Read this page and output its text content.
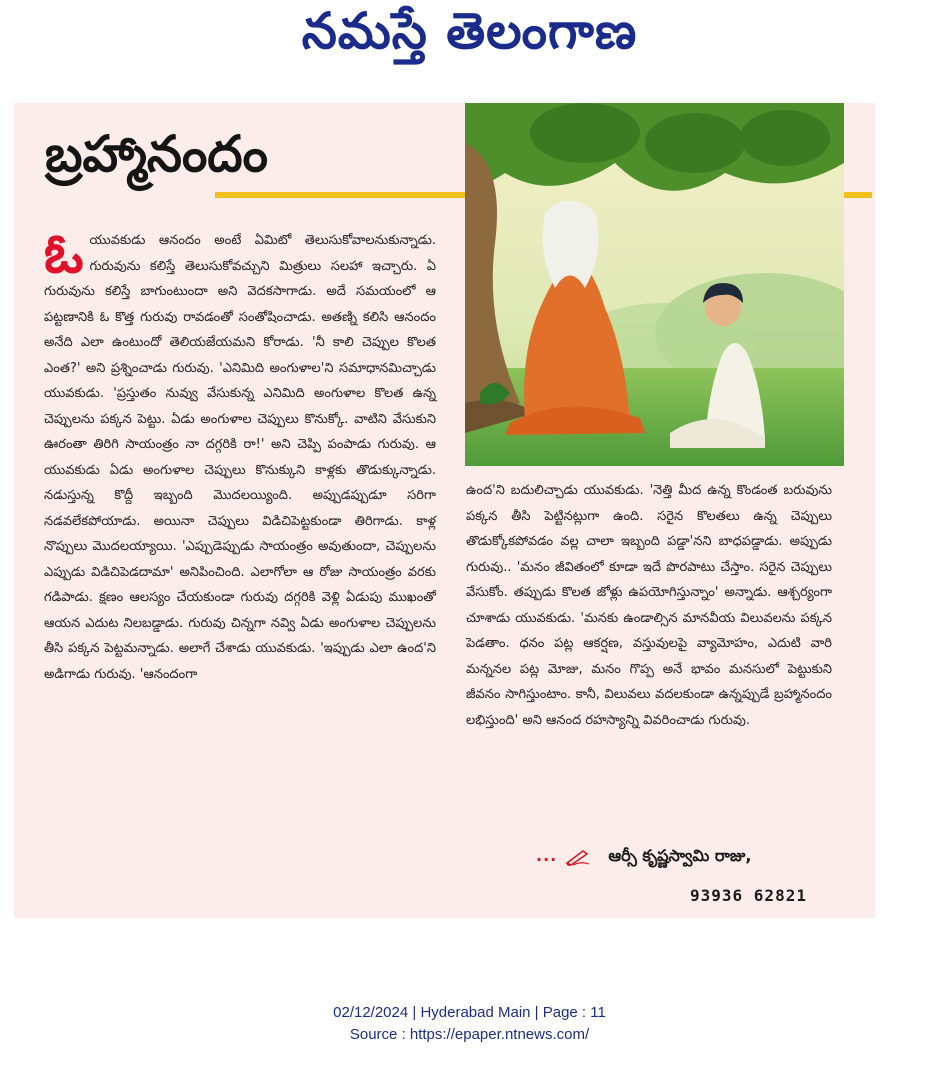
నమస్తే తెలంగాణ
బ్రహ్మానందం
ఓ యువకుడు ఆనందం అంటే ఏమిటో తెలుసుకోవాలనుకున్నాడు. గురువును కలిస్తే తెలుసుకోవచ్చుని మిత్రులు సలహా ఇచ్చారు. ఏ గురువును కలిస్తే బాగుంటుందా అని వెదకసాగాడు. అదే సమయంలో ఆ పట్టణానికి ఓ కొత్త గురువు రావడంతో సంతోషించాడు. అతణ్ని కలిసి ఆనందం అనేది ఎలా ఉంటుందో తెలియజేయమని కోరాడు. 'నీ కాలి చెప్పుల కొలత ఎంత?' అని ప్రశ్నించాడు గురువు. 'ఎనిమిది అంగుళాల'ని సమాధానమిచ్చాడు యువకుడు. 'ప్రస్తుతం నువ్వు వేసుకున్న ఎనిమిది అంగుళాల కొలత ఉన్న చెప్పులను పక్కన పెట్టు. ఏడు అంగుళాల చెప్పులు కొనుక్కో. వాటిని వేసుకుని ఊరంతా తిరిగి సాయంత్రం నా దగ్గరికి రా!' అని చెప్పి పంపాడు గురువు. ఆ యువకుడు ఏడు అంగుళాల చెప్పులు కొనుక్కుని కాళ్లకు తొడుక్కున్నాడు. నడుస్తున్న కొద్దీ ఇబ్బంది మొదలయ్యింది. అప్పుడప్పుడూ సరిగా నడవలేకపోయాడు. అయినా చెప్పులు విడిచిపెట్టకుండా తిరిగాడు. కాళ్ల నొప్పులు మొదలయ్యాయి. 'ఎప్పుడెప్పుడు సాయంత్రం అవుతుందా, చెప్పులను ఎప్పుడు విడిచిపెడదామా' అనిపించింది. ఎలాగోలా ఆ రోజు సాయంత్రం వరకు గడిపాడు. క్షణం ఆలస్యం చేయకుండా గురువు దగ్గరికి వెళ్లి ఏడుపు ముఖంతో ఆయన ఎదుట నిలబడ్డాడు. గురువు చిన్నగా నవ్వి ఏడు అంగుళాల చెప్పులను తీసి పక్కన పెట్టమన్నాడు. అలాగే చేశాడు యువకుడు. 'ఇప్పుడు ఎలా ఉంద'ని అడిగాడు గురువు. 'ఆనందంగా
ఉంద'ని బదులిచ్చాడు యువకుడు. 'నెత్తి మీద ఉన్న కొండంత బరువును పక్కన తీసి పెట్టినట్లుగా ఉంది. సరైన కొలతలు ఉన్న చెప్పులు తొడుక్కోకపోవడం వల్ల చాలా ఇబ్బంది పడ్డా'నని బాధపడ్డాడు. అప్పుడు గురువు.. 'మనం జీవితంలో కూడా ఇదే పొరపాటు చేస్తాం. సరైన చెప్పులు వేసుకోం. తప్పుడు కొలత జోళ్లు ఉపయోగిస్తున్నాం' అన్నాడు. ఆశ్చర్యంగా చూశాడు యువకుడు. 'మనకు ఉండాల్సిన మానవీయ విలువలను పక్కన పెడతాం. ధనం పట్ల ఆకర్షణ, వస్తువులపై వ్యామోహం, ఎదుటి వారి మన్ననల పట్ల మోజు, మనం గొప్ప అనే భావం మనసులో పెట్టుకుని జీవనం సాగిస్తుంటాం. కానీ, విలువలు వదలకుండా ఉన్నప్పుడే బ్రహ్మానందం లభిస్తుంది' అని ఆనంద రహస్యాన్ని వివరించాడు గురువు.
...	ఆర్సీ కృష్ణస్వామి రాజు,
93936 62821
02/12/2024 | Hyderabad Main | Page : 11
Source : https://epaper.ntnews.com/
